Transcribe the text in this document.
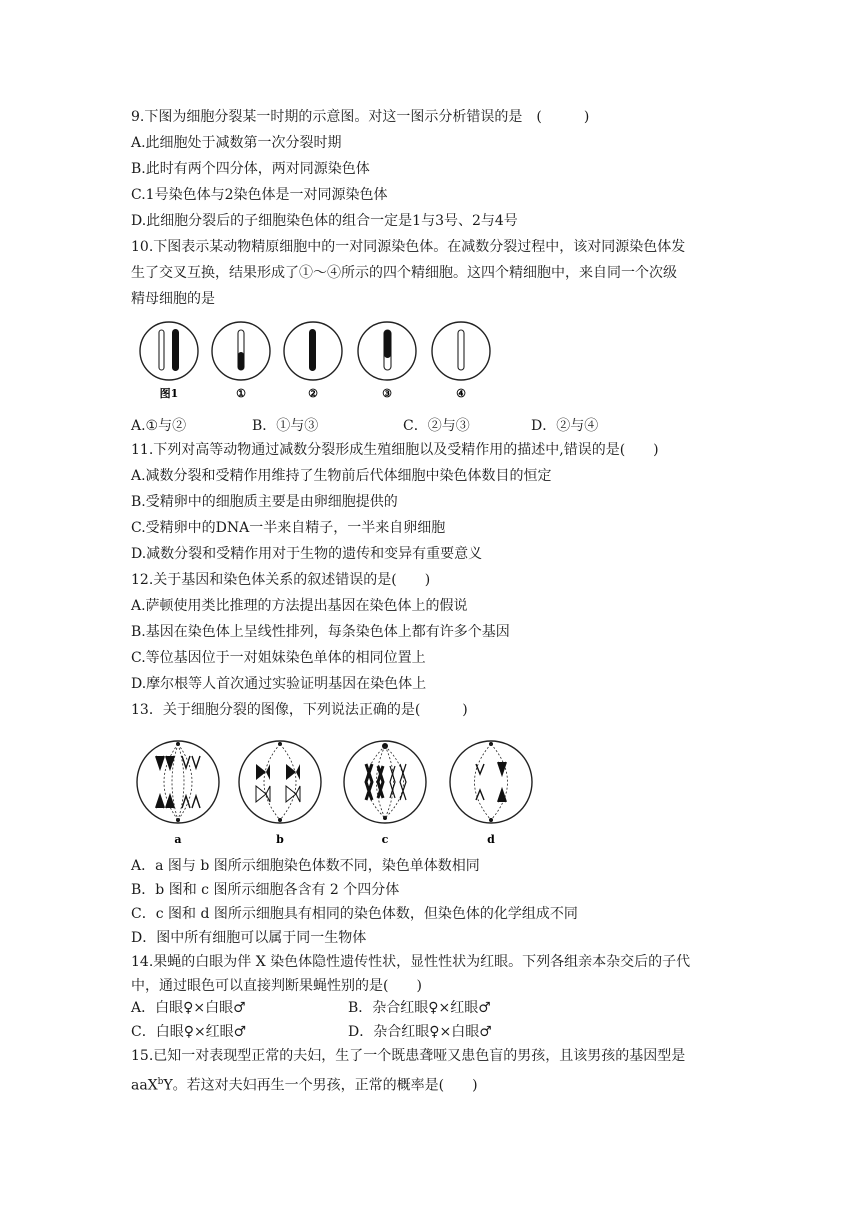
9.下图为细胞分裂某一时期的示意图。对这一图示分析错误的是　(　　　)
A.此细胞处于减数第一次分裂时期
B.此时有两个四分体，两对同源染色体
C.1号染色体与2染色体是一对同源染色体
D.此细胞分裂后的子细胞染色体的组合一定是1与3号、2与4号
10.下图表示某动物精原细胞中的一对同源染色体。在减数分裂过程中，该对同源染色体发
生了交叉互换，结果形成了①～④所示的四个精细胞。这四个精细胞中，来自同一个次级
精母细胞的是
图1	①	②	③	④
A.①与②	B．①与③	C．②与③	D．②与④
11.下列对高等动物通过减数分裂形成生殖细胞以及受精作用的描述中,错误的是(　　)
A.减数分裂和受精作用维持了生物前后代体细胞中染色体数目的恒定
B.受精卵中的细胞质主要是由卵细胞提供的
C.受精卵中的DNA一半来自精子，一半来自卵细胞
D.减数分裂和受精作用对于生物的遗传和变异有重要意义
12.关于基因和染色体关系的叙述错误的是(　　)
A.萨顿使用类比推理的方法提出基因在染色体上的假说
B.基因在染色体上呈线性排列，每条染色体上都有许多个基因
C.等位基因位于一对姐妹染色单体的相同位置上
D.摩尔根等人首次通过实验证明基因在染色体上
13．关于细胞分裂的图像，下列说法正确的是(　　　)
a	b	c	d
A．a 图与 b 图所示细胞染色体数不同，染色单体数相同
B．b 图和 c 图所示细胞各含有 2 个四分体
C．c 图和 d 图所示细胞具有相同的染色体数，但染色体的化学组成不同
D．图中所有细胞可以属于同一生物体
14.果蝇的白眼为伴 X 染色体隐性遗传性状，显性性状为红眼。下列各组亲本杂交后的子代
中，通过眼色可以直接判断果蝇性别的是(　　)
A．白眼♀×白眼♂	B．杂合红眼♀×红眼♂
C．白眼♀×红眼♂	D．杂合红眼♀×白眼♂
15.已知一对表现型正常的夫妇，生了一个既患聋哑又患色盲的男孩，且该男孩的基因型是
aaX$^b$Y。若这对夫妇再生一个男孩，正常的概率是(　　)
